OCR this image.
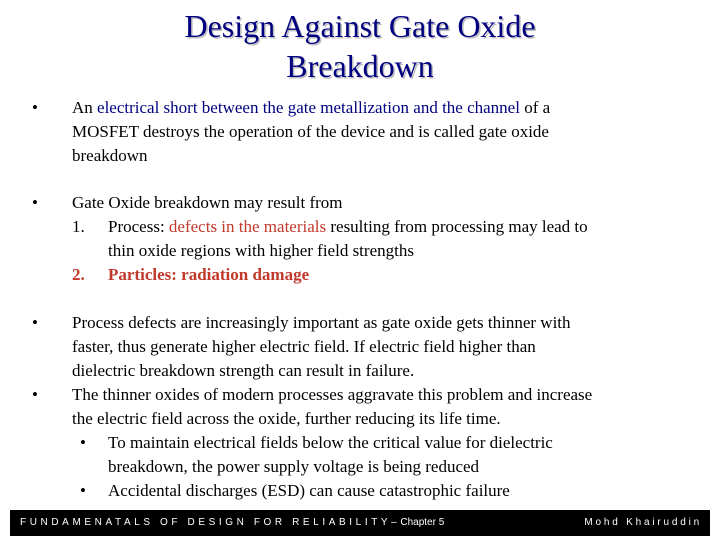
Design Against Gate Oxide
Breakdown
•	An electrical short between the gate metallization and the channel of a
MOSFET destroys the operation of the device and is called gate oxide
breakdown
•	Gate Oxide breakdown may result from
1.	Process: defects in the materials resulting from processing may lead to
thin oxide regions with higher field strengths
2.	Particles: radiation damage
•	Process defects are increasingly important as gate oxide gets thinner with
faster, thus generate higher electric field. If electric field higher than
dielectric breakdown strength can result in failure.
•	The thinner oxides of modern processes aggravate this problem and increase
the electric field across the oxide, further reducing its life time.
•	To maintain electrical fields below the critical value for dielectric
breakdown, the power supply voltage is being reduced
•	Accidental discharges (ESD) can cause catastrophic failure
FUNDAMENATALS OF DESIGN FOR RELIABILITY–Chapter 5	Mohd Khairuddin
